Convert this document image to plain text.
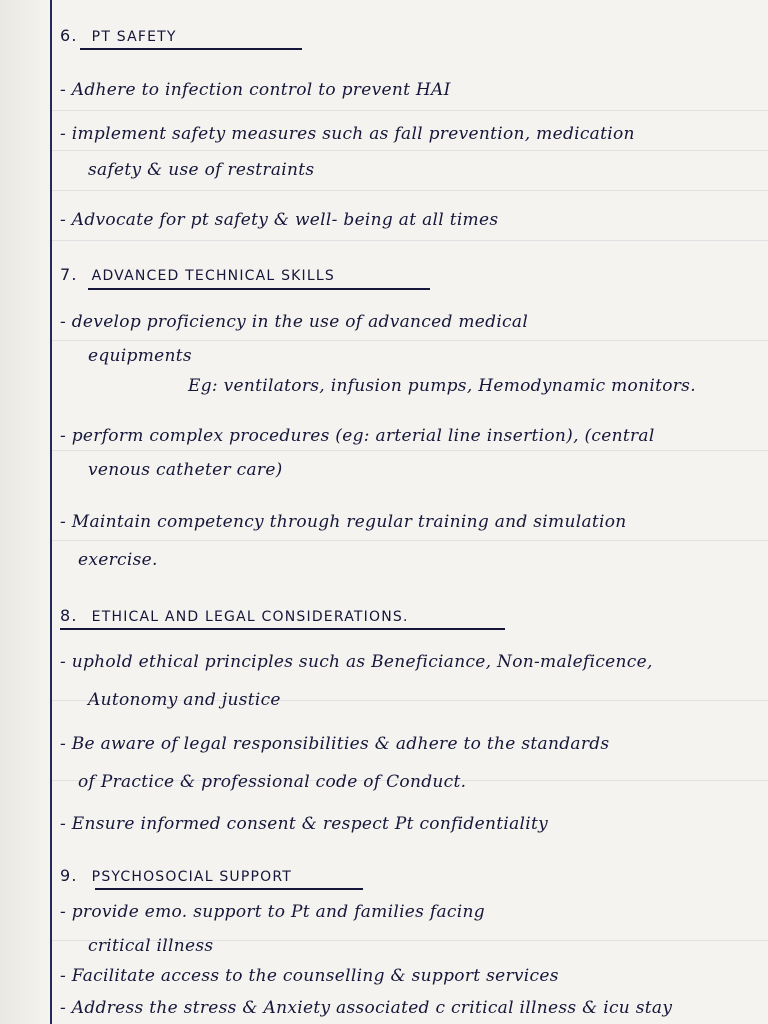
6. PT SAFETY
- Adhere to infection control to prevent HAI
- implement safety measures such as fall prevention, medication
safety & use of restraints
- Advocate for pt safety & well- being at all times
7. ADVANCED TECHNICAL SKILLS
- develop proficiency in the use of advanced medical
equipments
Eg: ventilators, infusion pumps, Hemodynamic monitors.
- perform complex procedures (eg: arterial line insertion), (central
venous catheter care)
- Maintain competency through regular training and simulation
exercise.
8. ETHICAL AND LEGAL CONSIDERATIONS.
- uphold ethical principles such as Beneficiance, Non-maleficence,
Autonomy and justice
- Be aware of legal responsibilities & adhere to the standards
of Practice & professional code of Conduct.
- Ensure informed consent & respect Pt confidentiality
9. PSYCHOSOCIAL SUPPORT
- provide emo. support to Pt and families facing
critical illness
- Facilitate access to the counselling & support services
- Address the stress & Anxiety associated c critical illness & icu stay
